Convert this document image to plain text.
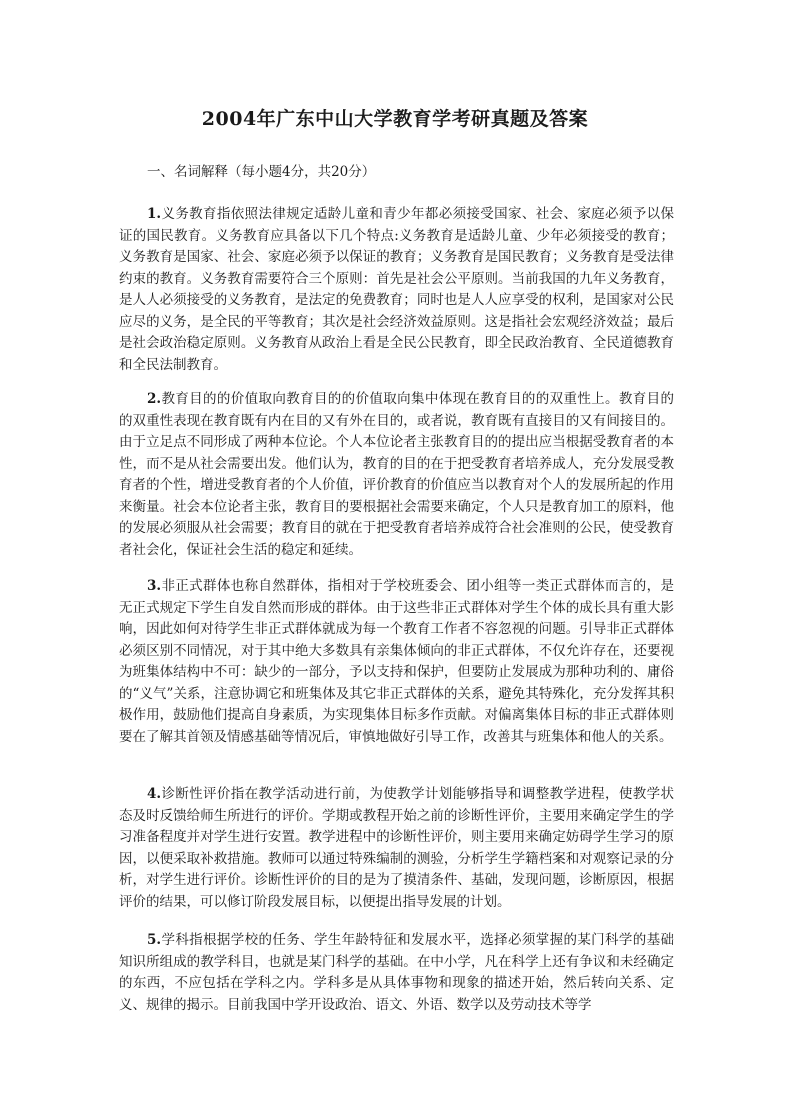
2004年广东中山大学教育学考研真题及答案
一、名词解释（每小题4分，共20分）

1.义务教育指依照法律规定适龄儿童和青少年都必须接受国家、社会、家庭必须予以保证的国民教育。义务教育应具备以下几个特点:义务教育是适龄儿童、少年必须接受的教育；义务教育是国家、社会、家庭必须予以保证的教育；义务教育是国民教育；义务教育是受法律约束的教育。义务教育需要符合三个原则：首先是社会公平原则。当前我国的九年义务教育，是人人必须接受的义务教育，是法定的免费教育；同时也是人人应享受的权利，是国家对公民应尽的义务，是全民的平等教育；其次是社会经济效益原则。这是指社会宏观经济效益；最后是社会政治稳定原则。义务教育从政治上看是全民公民教育，即全民政治教育、全民道德教育和全民法制教育。

2.教育目的的价值取向教育目的的价值取向集中体现在教育目的的双重性上。教育目的的双重性表现在教育既有内在目的又有外在目的，或者说，教育既有直接目的又有间接目的。由于立足点不同形成了两种本位论。个人本位论者主张教育目的的提出应当根据受教育者的本性，而不是从社会需要出发。他们认为，教育的目的在于把受教育者培养成人，充分发展受教育者的个性，增进受教育者的个人价值，评价教育的价值应当以教育对个人的发展所起的作用来衡量。社会本位论者主张，教育目的要根据社会需要来确定，个人只是教育加工的原料，他的发展必须服从社会需要；教育目的就在于把受教育者培养成符合社会准则的公民，使受教育者社会化，保证社会生活的稳定和延续。

3.非正式群体也称自然群体，指相对于学校班委会、团小组等一类正式群体而言的，是无正式规定下学生自发自然而形成的群体。由于这些非正式群体对学生个体的成长具有重大影响，因此如何对待学生非正式群体就成为每一个教育工作者不容忽视的问题。引导非正式群体必须区别不同情况，对于其中绝大多数具有亲集体倾向的非正式群体，不仅允许存在，还要视为班集体结构中不可：缺少的一部分，予以支持和保护，但要防止发展成为那种功利的、庸俗的“义气”关系，注意协调它和班集体及其它非正式群体的关系，避免其特殊化，充分发挥其积极作用，鼓励他们提高自身素质，为实现集体目标多作贡献。对偏离集体目标的非正式群体则要在了解其首领及情感基础等情况后，审慎地做好引导工作，改善其与班集体和他人的关系。

4.诊断性评价指在教学活动进行前，为使教学计划能够指导和调整教学进程，使教学状态及时反馈给师生所进行的评价。学期或教程开始之前的诊断性评价，主要用来确定学生的学习准备程度并对学生进行安置。教学进程中的诊断性评价，则主要用来确定妨碍学生学习的原因，以便采取补救措施。教师可以通过特殊编制的测验，分析学生学籍档案和对观察记录的分析，对学生进行评价。诊断性评价的目的是为了摸清条件、基础，发现问题，诊断原因，根据评价的结果，可以修订阶段发展目标，以便提出指导发展的计划。

5.学科指根据学校的任务、学生年龄特征和发展水平，选择必须掌握的某门科学的基础知识所组成的教学科目，也就是某门科学的基础。在中小学，凡在科学上还有争议和未经确定的东西，不应包括在学科之内。学科多是从具体事物和现象的描述开始，然后转向关系、定义、规律的揭示。目前我国中学开设政治、语文、外语、数学以及劳动技术等学
